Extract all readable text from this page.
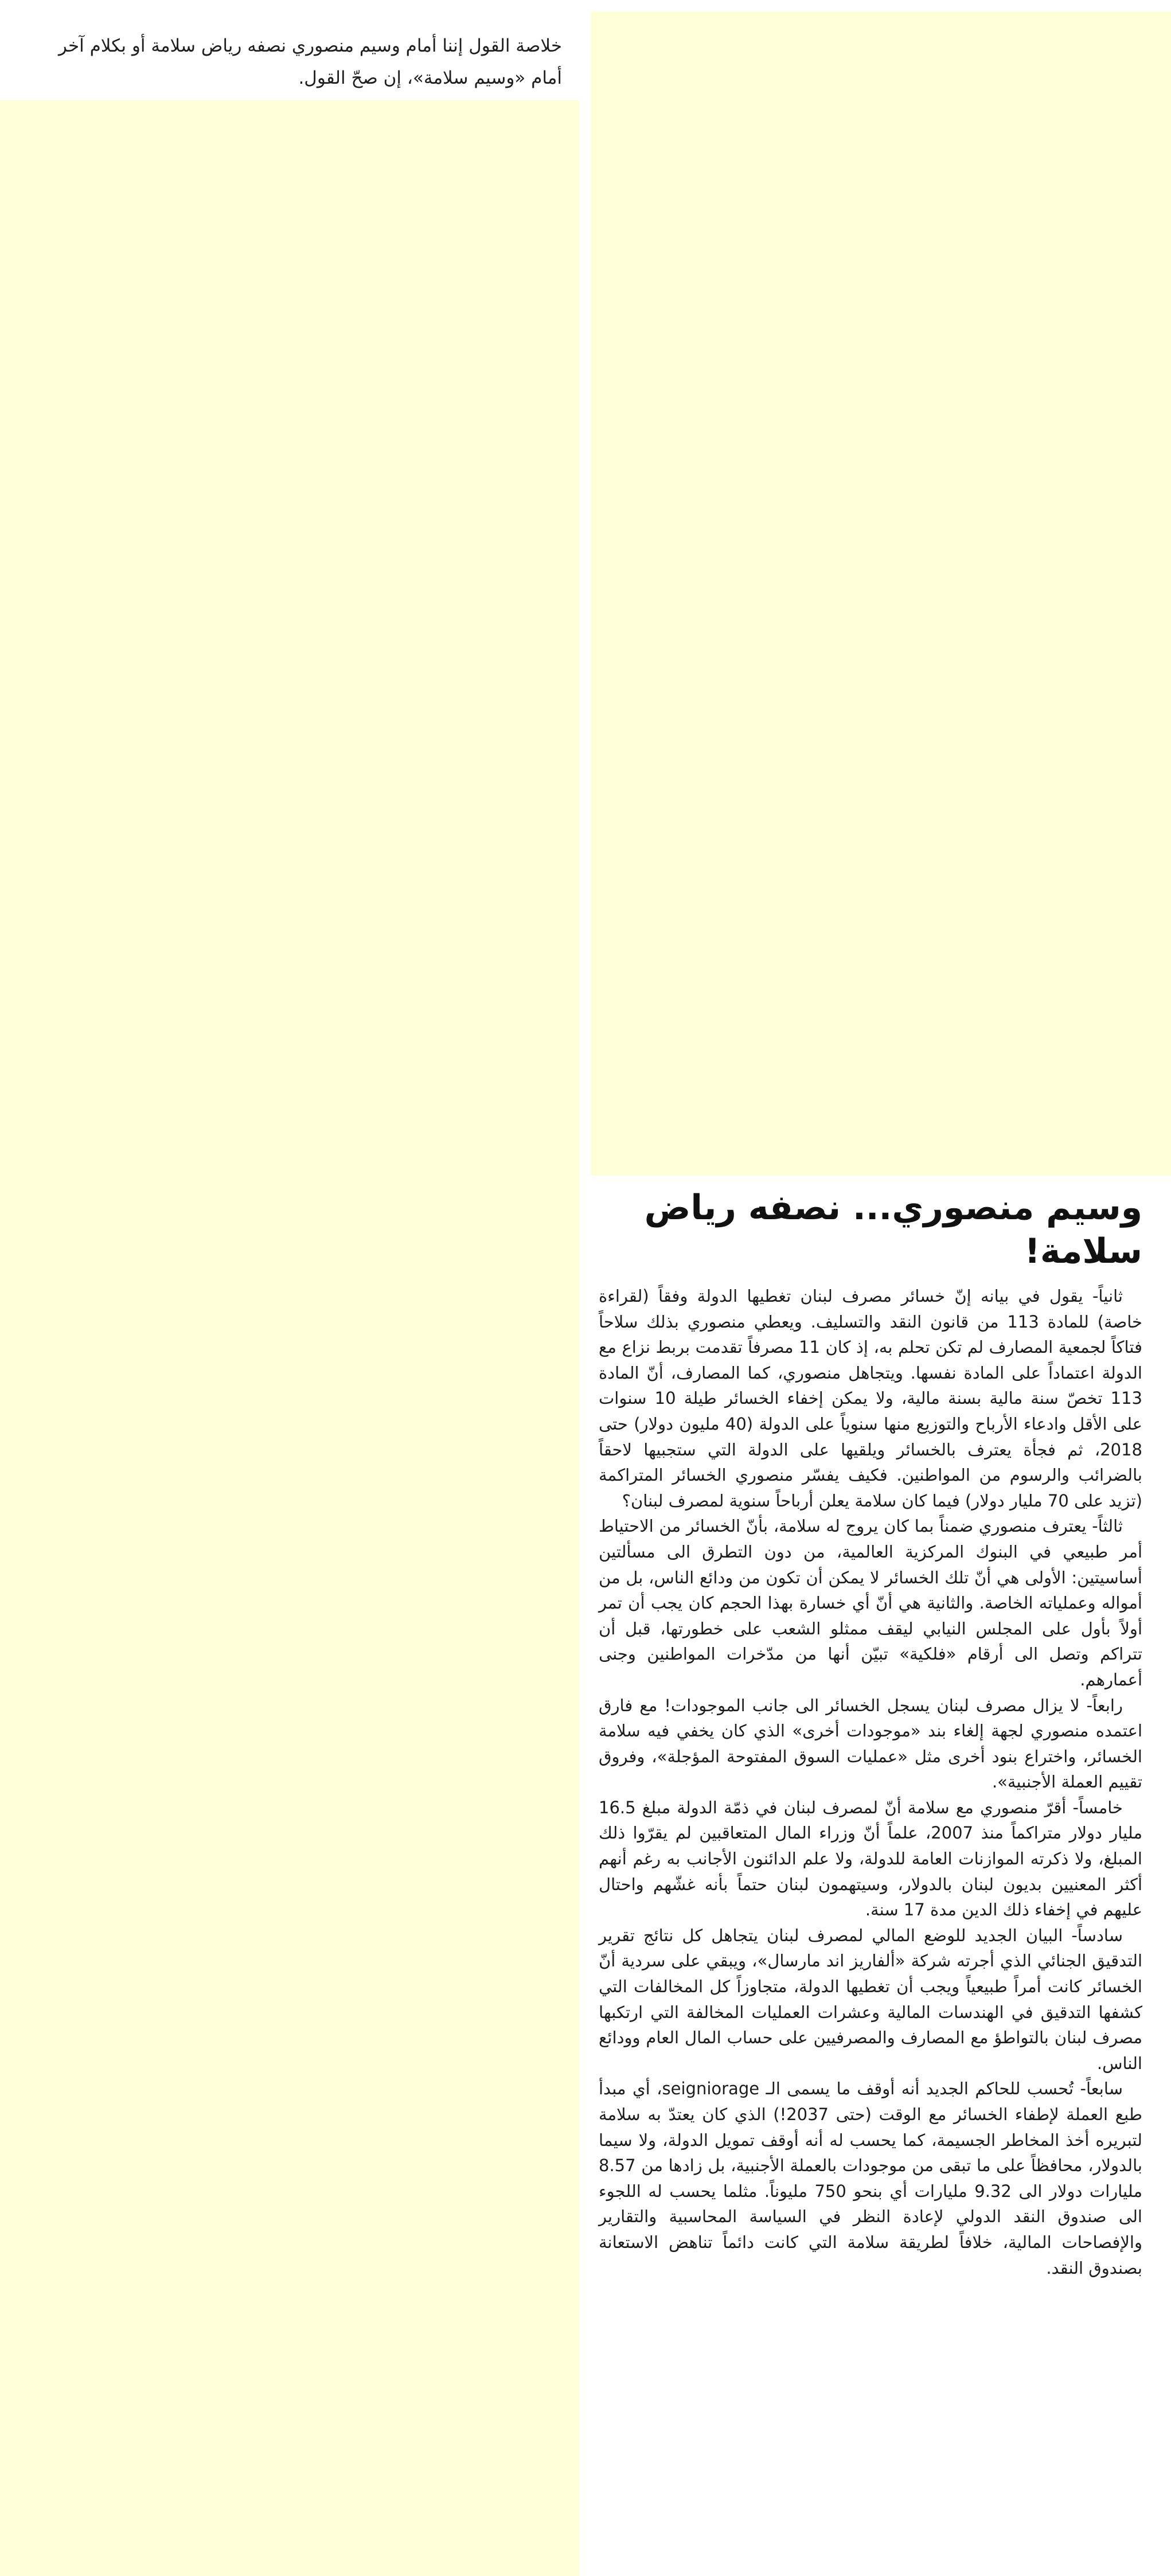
خلاصة القول إننا أمام وسيم منصوري نصفه رياض سلامة أو بكلام آخر أمام «وسيم سلامة»، إن صحّ القول.

وسيم منصوري... نصفه رياض سلامة!

ثانياً- يقول في بيانه إنّ خسائر مصرف لبنان تغطيها الدولة وفقاً (لقراءة خاصة) للمادة 113 من قانون النقد والتسليف. ويعطي منصوري بذلك سلاحاً فتاكاً لجمعية المصارف لم تكن تحلم به، إذ كان 11 مصرفاً تقدمت بربط نزاع مع الدولة اعتماداً على المادة نفسها. ويتجاهل منصوري، كما المصارف، أنّ المادة 113 تخصّ سنة مالية بسنة مالية، ولا يمكن إخفاء الخسائر طيلة 10 سنوات على الأقل وادعاء الأرباح والتوزيع منها سنوياً على الدولة (40 مليون دولار) حتى 2018، ثم فجأة يعترف بالخسائر ويلقيها على الدولة التي ستجبيها لاحقاً بالضرائب والرسوم من المواطنين. فكيف يفسّر منصوري الخسائر المتراكمة (تزيد على 70 مليار دولار) فيما كان سلامة يعلن أرباحاً سنوية لمصرف لبنان؟

ثالثاً- يعترف منصوري ضمناً بما كان يروج له سلامة، بأنّ الخسائر من الاحتياط أمر طبيعي في البنوك المركزية العالمية، من دون التطرق الى مسألتين أساسيتين: الأولى هي أنّ تلك الخسائر لا يمكن أن تكون من ودائع الناس، بل من أمواله وعملياته الخاصة. والثانية هي أنّ أي خسارة بهذا الحجم كان يجب أن تمر أولاً بأول على المجلس النيابي ليقف ممثلو الشعب على خطورتها، قبل أن تتراكم وتصل الى أرقام «فلكية» تبيّن أنها من مدّخرات المواطنين وجنى أعمارهم.

رابعاً- لا يزال مصرف لبنان يسجل الخسائر الى جانب الموجودات! مع فارق اعتمده منصوري لجهة إلغاء بند «موجودات أخرى» الذي كان يخفي فيه سلامة الخسائر، واختراع بنود أخرى مثل «عمليات السوق المفتوحة المؤجلة»، وفروق تقييم العملة الأجنبية».

خامساً- أقرّ منصوري مع سلامة أنّ لمصرف لبنان في ذمّة الدولة مبلغ 16.5 مليار دولار متراكماً منذ 2007، علماً أنّ وزراء المال المتعاقبين لم يقرّوا ذلك المبلغ، ولا ذكرته الموازنات العامة للدولة، ولا علم الدائنون الأجانب به رغم أنهم أكثر المعنيين بديون لبنان بالدولار، وسيتهمون لبنان حتماً بأنه غشّهم واحتال عليهم في إخفاء ذلك الدين مدة 17 سنة.

سادساً- البيان الجديد للوضع المالي لمصرف لبنان يتجاهل كل نتائج تقرير التدقيق الجنائي الذي أجرته شركة «ألفاريز اند مارسال»، ويبقي على سردية أنّ الخسائر كانت أمراً طبيعياً ويجب أن تغطيها الدولة، متجاوزاً كل المخالفات التي كشفها التدقيق في الهندسات المالية وعشرات العمليات المخالفة التي ارتكبها مصرف لبنان بالتواطؤ مع المصارف والمصرفيين على حساب المال العام وودائع الناس.

سابعاً- تُحسب للحاكم الجديد أنه أوقف ما يسمى الـ seigniorage، أي مبدأ طبع العملة لإطفاء الخسائر مع الوقت (حتى 2037!) الذي كان يعتدّ به سلامة لتبريره أخذ المخاطر الجسيمة، كما يحسب له أنه أوقف تمويل الدولة، ولا سيما بالدولار، محافظاً على ما تبقى من موجودات بالعملة الأجنبية، بل زادها من 8.57 مليارات دولار الى 9.32 مليارات أي بنحو 750 مليوناً. مثلما يحسب له اللجوء الى صندوق النقد الدولي لإعادة النظر في السياسة المحاسبية والتقارير والإفصاحات المالية، خلافاً لطريقة سلامة التي كانت دائماً تناهض الاستعانة بصندوق النقد.
